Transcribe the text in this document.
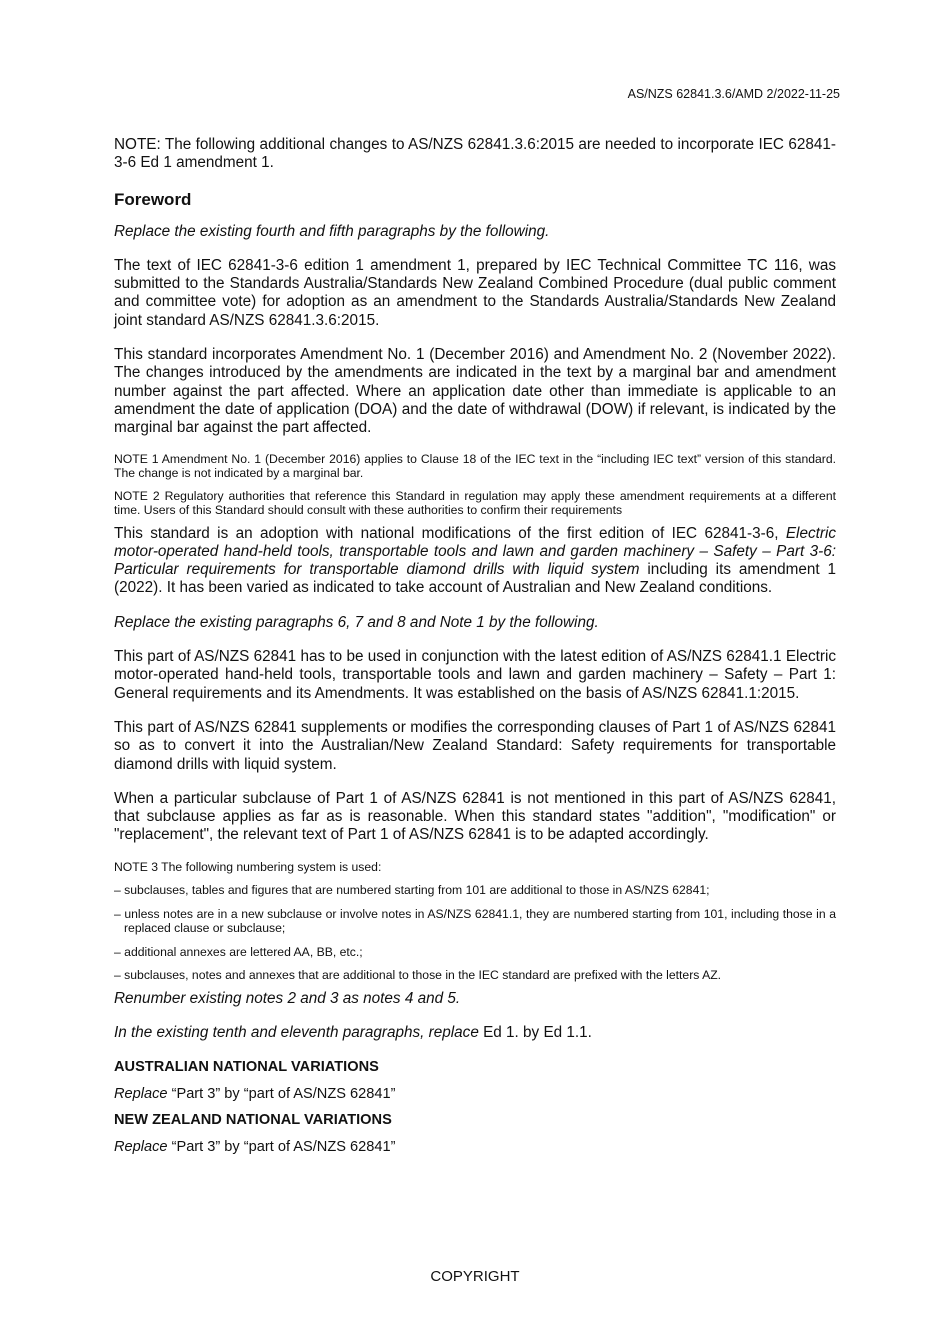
AS/NZS 62841.3.6/AMD 2/2022-11-25

NOTE: The following additional changes to AS/NZS 62841.3.6:2015 are needed to incorporate IEC 62841-3-6 Ed 1 amendment 1.

Foreword

Replace the existing fourth and fifth paragraphs by the following.

The text of IEC 62841-3-6 edition 1 amendment 1, prepared by IEC Technical Committee TC 116, was submitted to the Standards Australia/Standards New Zealand Combined Procedure (dual public comment and committee vote) for adoption as an amendment to the Standards Australia/Standards New Zealand joint standard AS/NZS 62841.3.6:2015.

This standard incorporates Amendment No. 1 (December 2016) and Amendment No. 2 (November 2022). The changes introduced by the amendments are indicated in the text by a marginal bar and amendment number against the part affected. Where an application date other than immediate is applicable to an amendment the date of application (DOA) and the date of withdrawal (DOW) if relevant, is indicated by the marginal bar against the part affected.

NOTE 1 Amendment No. 1 (December 2016) applies to Clause 18 of the IEC text in the “including IEC text” version of this standard. The change is not indicated by a marginal bar.

NOTE 2 Regulatory authorities that reference this Standard in regulation may apply these amendment requirements at a different time. Users of this Standard should consult with these authorities to confirm their requirements

This standard is an adoption with national modifications of the first edition of IEC 62841-3-6, Electric motor-operated hand-held tools, transportable tools and lawn and garden machinery – Safety – Part 3-6: Particular requirements for transportable diamond drills with liquid system including its amendment 1 (2022). It has been varied as indicated to take account of Australian and New Zealand conditions.

Replace the existing paragraphs 6, 7 and 8 and Note 1 by the following.

This part of AS/NZS 62841 has to be used in conjunction with the latest edition of AS/NZS 62841.1 Electric motor-operated hand-held tools, transportable tools and lawn and garden machinery – Safety – Part 1: General requirements and its Amendments. It was established on the basis of AS/NZS 62841.1:2015.

This part of AS/NZS 62841 supplements or modifies the corresponding clauses of Part 1 of AS/NZS 62841 so as to convert it into the Australian/New Zealand Standard: Safety requirements for transportable diamond drills with liquid system.

When a particular subclause of Part 1 of AS/NZS 62841 is not mentioned in this part of AS/NZS 62841, that subclause applies as far as is reasonable. When this standard states "addition", "modification" or "replacement", the relevant text of Part 1 of AS/NZS 62841 is to be adapted accordingly.

NOTE 3 The following numbering system is used:

– subclauses, tables and figures that are numbered starting from 101 are additional to those in AS/NZS 62841;

– unless notes are in a new subclause or involve notes in AS/NZS 62841.1, they are numbered starting from 101, including those in a replaced clause or subclause;

– additional annexes are lettered AA, BB, etc.;

– subclauses, notes and annexes that are additional to those in the IEC standard are prefixed with the letters AZ.

Renumber existing notes 2 and 3 as notes 4 and 5.

In the existing tenth and eleventh paragraphs, replace Ed 1. by Ed 1.1.

AUSTRALIAN NATIONAL VARIATIONS

Replace “Part 3” by “part of AS/NZS 62841”

NEW ZEALAND NATIONAL VARIATIONS

Replace “Part 3” by “part of AS/NZS 62841”

COPYRIGHT
